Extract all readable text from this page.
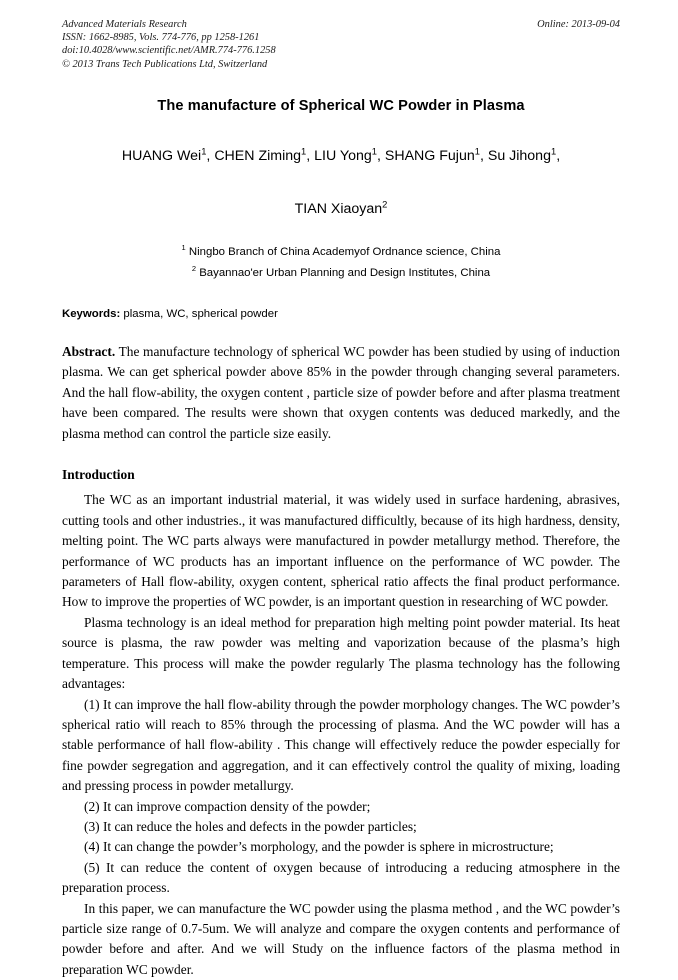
Advanced Materials Research
ISSN: 1662-8985, Vols. 774-776, pp 1258-1261
doi:10.4028/www.scientific.net/AMR.774-776.1258
© 2013 Trans Tech Publications Ltd, Switzerland
Online: 2013-09-04
The manufacture of Spherical WC Powder in Plasma
HUANG Wei$^1$, CHEN Ziming$^1$, LIU Yong$^1$, SHANG Fujun$^1$, Su Jihong$^1$,
TIAN Xiaoyan$^2$
$^1$ Ningbo Branch of China Academyof Ordnance science, China
$^2$ Bayannao'er Urban Planning and Design Institutes, China
Keywords: plasma, WC, spherical powder
Abstract. The manufacture technology of spherical WC powder has been studied by using of induction plasma. We can get spherical powder above 85% in the powder through changing several parameters. And the hall flow-ability, the oxygen content , particle size of powder before and after plasma treatment have been compared. The results were shown that oxygen contents was deduced markedly, and the plasma method can control the particle size easily.
Introduction

The WC as an important industrial material, it was widely used in surface hardening, abrasives, cutting tools and other industries., it was manufactured difficultly, because of its high hardness, density, melting point. The WC parts always were manufactured in powder metallurgy method. Therefore, the performance of WC products has an important influence on the performance of WC powder. The parameters of Hall flow-ability, oxygen content, spherical ratio affects the final product performance. How to improve the properties of WC powder, is an important question in researching of WC powder.

Plasma technology is an ideal method for preparation high melting point powder material. Its heat source is plasma, the raw powder was melting and vaporization because of the plasma’s high temperature. This process will make the powder regularly The plasma technology has the following advantages:

(1) It can improve the hall flow-ability through the powder morphology changes. The WC powder’s spherical ratio will reach to 85% through the processing of plasma. And the WC powder will has a stable performance of hall flow-ability . This change will effectively reduce the powder especially for fine powder segregation and aggregation, and it can effectively control the quality of mixing, loading and pressing process in powder metallurgy.

(2) It can improve compaction density of the powder;

(3) It can reduce the holes and defects in the powder particles;

(4) It can change the powder’s morphology, and the powder is sphere in microstructure;

(5) It can reduce the content of oxygen because of introducing a reducing atmosphere in the preparation process.

In this paper, we can manufacture the WC powder using the plasma method , and the WC powder’s particle size range of 0.7-5um. We will analyze and compare the oxygen contents and performance of powder before and after. And we will Study on the influence factors of the plasma method in preparation WC powder.
